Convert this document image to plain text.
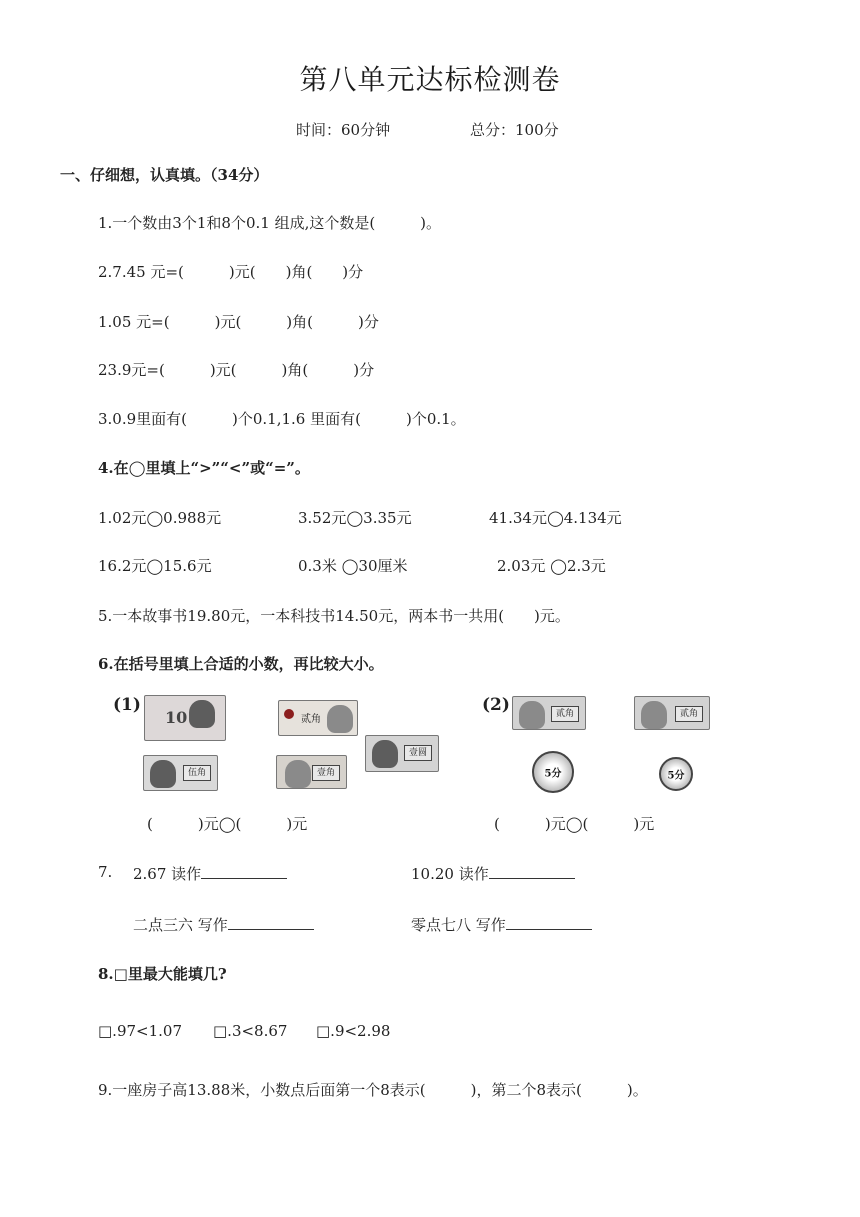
第八单元达标检测卷
时间：60分钟	总分：100分
一、仔细想，认真填。（34分）
1.一个数由3个1和8个0.1 组成,这个数是(　　　)。
2.7.45 元=(　　　)元(　　)角(　　)分
1.05 元=(　　　)元(　　　)角(　　　)分
23.9元=(　　　)元(　　　)角(　　　)分
3.0.9里面有(　　　)个0.1,1.6 里面有(　　　)个0.1。
4.在◯里填上“>”“<”或“=”。
1.02元◯0.988元	3.52元◯3.35元	41.34元◯4.134元
16.2元◯15.6元	0.3米 ◯30厘米	2.03元 ◯2.3元
5.一本故事书19.80元，一本科技书14.50元，两本书一共用(　　)元。
6.在括号里填上合适的小数，再比较大小。
(1)
10	贰角
壹圆
伍角	壹角
(2)	贰角	贰角
5分	5分
(　　　)元◯(　　　)元	(　　　)元◯(　　　)元
7. 2.67 读作	10.20 读作
二点三六 写作	零点七八 写作
8.□里最大能填几?
□.97<1.07 □.3<8.67 □.9<2.98
9.一座房子高13.88米，小数点后面第一个8表示(　　　)，第二个8表示(　　　)。
